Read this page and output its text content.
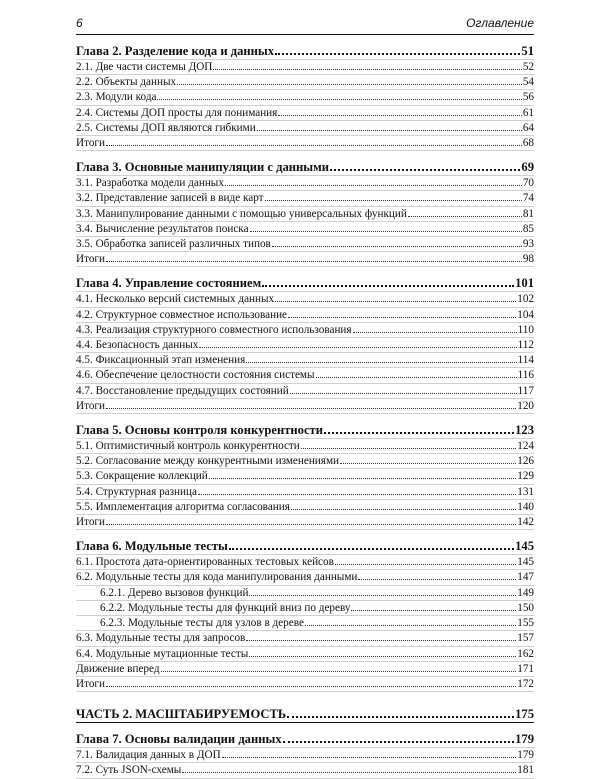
6	Оглавление
Глава 2. Разделение кода и данных	51
2.1. Две части системы ДОП	52
2.2. Объекты данных	54
2.3. Модули кода	56
2.4. Системы ДОП просты для понимания	61
2.5. Системы ДОП являются гибкими	64
Итоги	68
Глава 3. Основные манипуляции с данными	69
3.1. Разработка модели данных	70
3.2. Представление записей в виде карт	74
3.3. Манипулирование данными с помощью универсальных функций	81
3.4. Вычисление результатов поиска	85
3.5. Обработка записей различных типов	93
Итоги	98
Глава 4. Управление состоянием	101
4.1. Несколько версий системных данных	102
4.2. Структурное совместное использование	104
4.3. Реализация структурного совместного использования	110
4.4. Безопасность данных	112
4.5. Фиксационный этап изменения	114
4.6. Обеспечение целостности состояния системы	116
4.7. Восстановление предыдущих состояний	117
Итоги	120
Глава 5. Основы контроля конкурентности	123
5.1. Оптимистичный контроль конкурентности	124
5.2. Согласование между конкурентными изменениями	126
5.3. Сокращение коллекций	129
5.4. Структурная разница	131
5.5. Имплементация алгоритма согласования	140
Итоги	142
Глава 6. Модульные тесты	145
6.1. Простота дата-ориентированных тестовых кейсов	145
6.2. Модульные тесты для кода манипулирования данными	147
6.2.1. Дерево вызовов функций	149
6.2.2. Модульные тесты для функций вниз по дереву	150
6.2.3. Модульные тесты для узлов в дереве	155
6.3. Модульные тесты для запросов	157
6.4. Модульные мутационные тесты	162
Движение вперед	171
Итоги	172
ЧАСТЬ 2. МАСШТАБИРУЕМОСТЬ	175
Глава 7. Основы валидации данных	179
7.1. Валидация данных в ДОП	179
7.2. Суть JSON-схемы	181
